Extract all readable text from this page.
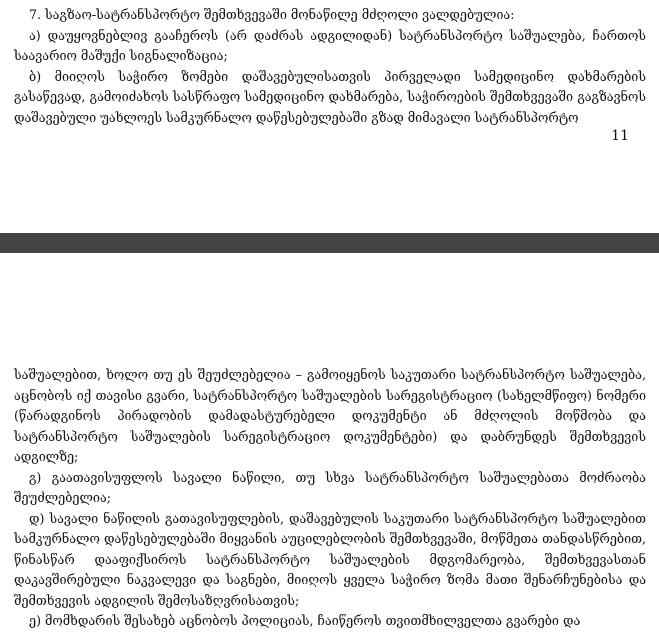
7. საგზაო-სატრანსპორტო შემთხვევაში მონაწილე მძღოლი ვალდებულია:

ა) დაუყოვნებლივ გააჩეროს (არ დაძრას ადგილიდან) სატრანსპორტო საშუალება, ჩართოს საავარიო მაშუქი სიგნალიზაცია;

ბ) მიიღოს საჭირო ზომები დაშავებულისათვის პირველადი სამედიცინო დახმარების გასაწევად, გამოიძახოს სასწრაფო სამედიცინო დახმარება, საჭიროების შემთხვევაში გაგზავნოს დაშავებული უახლოეს სამკურნალო დაწესებულებაში გზად მიმავალი სატრანსპორტო

11

საშუალებით, ხოლო თუ ეს შეუძლებელია – გამოიყენოს საკუთარი სატრანსპორტო საშუალება, აცნობოს იქ თავისი გვარი, სატრანსპორტო საშუალების სარეგისტრაციო (სახელმწიფო) ნომერი (წარადგინოს პირადობის დამადასტურებელი დოკუმენტი ან მძღოლის მოწმობა და სატრანსპორტო საშუალების სარეგისტრაციო დოკუმენტები) და დაბრუნდეს შემთხვევის ადგილზე;

გ) გაათავისუფლოს სავალი ნაწილი, თუ სხვა სატრანსპორტო საშუალებათა მოძრაობა შეუძლებელია;

დ) სავალი ნაწილის გათავისუფლების, დაშავებულის საკუთარი სატრანსპორტო საშუალებით სამკურნალო დაწესებულებაში მიყვანის აუცილებლობის შემთხვევაში, მოწმეთა თანდასწრებით, წინასწარ დააფიქსიროს სატრანსპორტო საშუალების მდგომარეობა, შემთხვევასთან დაკავშირებული ნაკვალევი და საგნები, მიიღოს ყველა საჭირო ზომა მათი შენარჩუნებისა და შემთხვევის ადგილის შემოსაზღვრისათვის;

ე) მომხდარის შესახებ აცნობოს პოლიციას, ჩაიწეროს თვითმხილველთა გვარები და
